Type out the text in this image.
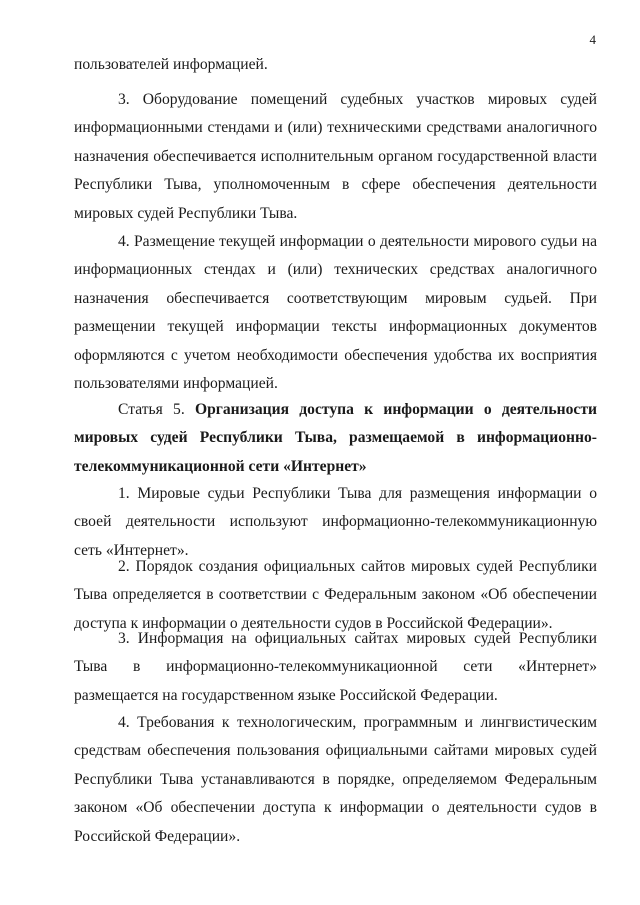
4

пользователей информацией.

3. Оборудование помещений судебных участков мировых судей информационными стендами и (или) техническими средствами аналогичного назначения обеспечивается исполнительным органом государственной власти Республики Тыва, уполномоченным в сфере обеспечения деятельности мировых судей Республики Тыва.

4. Размещение текущей информации о деятельности мирового судьи на информационных стендах и (или) технических средствах аналогичного назначения обеспечивается соответствующим мировым судьей. При размещении текущей информации тексты информационных документов оформляются с учетом необходимости обеспечения удобства их восприятия пользователями информацией.

Статья 5. Организация доступа к информации о деятельности мировых судей Республики Тыва, размещаемой в информационно-телекоммуникационной сети «Интернет»

1. Мировые судьи Республики Тыва для размещения информации о своей деятельности используют информационно-телекоммуникационную сеть «Интернет».

2. Порядок создания официальных сайтов мировых судей Республики Тыва определяется в соответствии с Федеральным законом «Об обеспечении доступа к информации о деятельности судов в Российской Федерации».

3. Информация на официальных сайтах мировых судей Республики Тыва в информационно-телекоммуникационной сети «Интернет» размещается на государственном языке Российской Федерации.

4. Требования к технологическим, программным и лингвистическим средствам обеспечения пользования официальными сайтами мировых судей Республики Тыва устанавливаются в порядке, определяемом Федеральным законом «Об обеспечении доступа к информации о деятельности судов в Российской Федерации».
